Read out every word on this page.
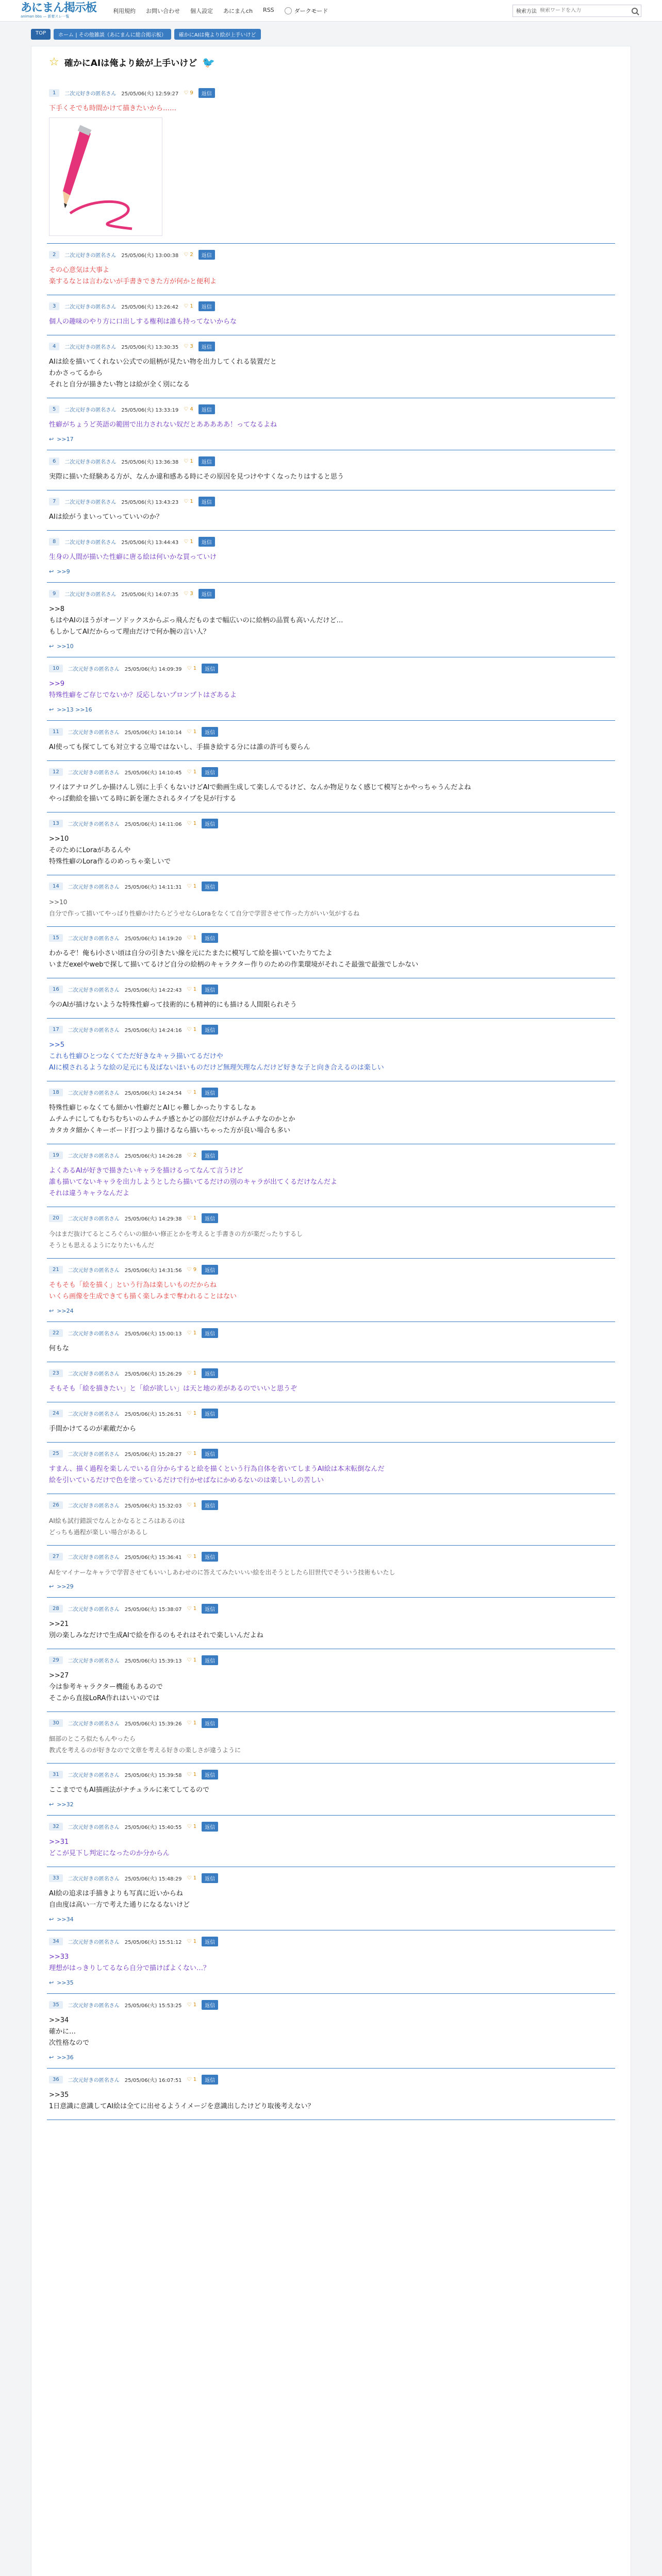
あにまん掲示板
animan bbs — 新着スレ一覧
利用規約 お問い合わせ 個人設定 あにまんch RSS	ダークモード	検索方法
検索ワードを入力
TOP	ホーム | その他雑談（あにまんに総合掲示板）	確かにAIは俺より絵が上手いけど
☆ 確かにAIは俺より絵が上手いけど 🐦
1	二次元好きの匿名さん 25/05/06(火) 12:59:27 ♡ 9	返信
下手くそでも時間かけて描きたいから……
2	二次元好きの匿名さん 25/05/06(火) 13:00:38 ♡ 2	返信
その心意気は大事よ
楽するなとは言わないが手書きできた方が何かと便利よ
3	二次元好きの匿名さん 25/05/06(火) 13:26:42 ♡ 1	返信
個人の趣味のやり方に口出しする権利は誰も持ってないからな
4	二次元好きの匿名さん 25/05/06(火) 13:30:35 ♡ 3	返信
AIは絵を描いてくれない公式での組柄が見たい物を出力してくれる装置だと
わかさってるから
それと自分が描きたい物とは絵が全く別になる
5	二次元好きの匿名さん 25/05/06(火) 13:33:19 ♡ 4	返信
性癖がちょうど英語の範囲で出力されない奴だとあああああ！ってなるよね
↩ >>17
6	二次元好きの匿名さん 25/05/06(火) 13:36:38 ♡ 1	返信
実際に描いた経験ある方が、なんか違和感ある時にその原因を見つけやすくなったりはすると思う
7	二次元好きの匿名さん 25/05/06(火) 13:43:23 ♡ 1	返信
AIは絵がうまいっていっていいのか？
8	二次元好きの匿名さん 25/05/06(火) 13:44:43 ♡ 1	返信
生身の人間が描いた性癖に唐る絵は何いかな買っていけ
↩ >>9
9	二次元好きの匿名さん 25/05/06(火) 14:07:35 ♡ 3	返信
>>8
もはやAIのほうがオーソドックスからぶっ飛んだものまで幅広いのに絵柄の品質も高いんだけど…
もしかしてAIだからって理由だけで何か腕の言い人？
↩ >>10
10	二次元好きの匿名さん 25/05/06(火) 14:09:39 ♡ 1	返信
>>9
特殊性癖をご存じでないか？反応しないプロンプトはざあるよ
↩ >>13 >>16
11	二次元好きの匿名さん 25/05/06(火) 14:10:14 ♡ 1	返信
AI使っても探てしても対立する立場ではないし、手描き絵する分には誰の許可も要らん
12	二次元好きの匿名さん 25/05/06(火) 14:10:45 ♡ 1	返信
ワイはアナログしか描けんし別に上手くもないけどAIで動画生成して楽しんでるけど、なんか物足りなく感じて模写とかやっちゃうんだよね
やっぱ動絵を描いてる時に新を運たされるタイプを見が行する
13	二次元好きの匿名さん 25/05/06(火) 14:11:06 ♡ 1	返信
>>10
そのためにLoraがあるんや
特殊性癖のLora作るのめっちゃ楽しいで
14	二次元好きの匿名さん 25/05/06(火) 14:11:31 ♡ 1	返信
>>10
自分で作って描いてやっぱり性癖かけたらどうせならLoraをなくて自分で学習させて作った方がいい気がするね
15	二次元好きの匿名さん 25/05/06(火) 14:19:20 ♡ 1	返信
わかるぞ！俺もi小さい頃は自分の引きたい線を元にたまたに模写して絵を描いていたりてたよ
いまだexelやwebで探して描いてるけど自分の絵柄のキャラクター作りのための作業環境がそれこそ最強で最強でしかない
16	二次元好きの匿名さん 25/05/06(火) 14:22:43 ♡ 1	返信
今のAIが描けないような特殊性癖って技術的にも精神的にも描ける人間限られそう
17	二次元好きの匿名さん 25/05/06(火) 14:24:16 ♡ 1	返信
>>5
これも性癖ひとつなくてただ好きなキャラ描いてるだけや
AIに模されるような絵の足元にも及ばないほいものだけど無理矢理なんだけど好きな子と向き合えるのは楽しい
18	二次元好きの匿名さん 25/05/06(火) 14:24:54 ♡ 1	返信
特殊性癖じゃなくても細かい性癖だとAIじゃ難しかったりするしなぁ
ムチムチにしてもむちむちいのムチムチ感とかどの部位だけがムチムチなのかとか
カタカタ細かくキーボード打つより描けるなら描いちゃった方が良い場合も多い
19	二次元好きの匿名さん 25/05/06(火) 14:26:28 ♡ 2	返信
よくあるAIが好きで描きたいキャラを描けるってなんて言うけど
誰も描いてないキャラを出力しようとしたら描いてるだけの別のキャラが出てくるだけなんだよ
それは違うキャラなんだよ
20	二次元好きの匿名さん 25/05/06(火) 14:29:38 ♡ 1	返信
今はまだ抜けてるところぐらいの細かい修正とかを考えると手書きの方が楽だったりするし
そうとも思えるようになりたいもんだ
21	二次元好きの匿名さん 25/05/06(火) 14:31:56 ♡ 9	返信
そもそも「絵を描く」という行為は楽しいものだからね
いくら画像を生成できても描く楽しみまで奪われることはない
↩ >>24
22	二次元好きの匿名さん 25/05/06(火) 15:00:13 ♡ 1	返信
何もな
23	二次元好きの匿名さん 25/05/06(火) 15:26:29 ♡ 1	返信
そもそも「絵を描きたい」と「絵が欲しい」は天と地の差があるのでいいと思うぞ
24	二次元好きの匿名さん 25/05/06(火) 15:26:51 ♡ 1	返信
手間かけてるのが素敵だから
25	二次元好きの匿名さん 25/05/06(火) 15:28:27 ♡ 1	返信
すまん、描く過程を楽しんでいる自分からすると絵を描くという行為自体を省いてしまうAI絵は本末転倒なんだ
絵を引いているだけで色を塗っているだけで行かせばなにかめるないのは楽しいしの苦しい
26	二次元好きの匿名さん 25/05/06(火) 15:32:03 ♡ 1	返信
AI絵も試行錯誤でなんとかなるところはあるのは
どっちも過程が楽しい場合があるし
27	二次元好きの匿名さん 25/05/06(火) 15:36:41 ♡ 1	返信
AIをマイナーなキャラで学習させてもいいしあわせのに答えてみたいいい絵を出そうとしたら旧世代でそういう技術もいたし
↩ >>29
28	二次元好きの匿名さん 25/05/06(火) 15:38:07 ♡ 1	返信
>>21
別の楽しみなだけで生成AIで絵を作るのもそれはそれで楽しいんだよね
29	二次元好きの匿名さん 25/05/06(火) 15:39:13 ♡ 1	返信
>>27
今は参考キャラクター機能もあるので
そこから直接LoRA作れはいいのでは
30	二次元好きの匿名さん 25/05/06(火) 15:39:26 ♡ 1	返信
細部のところ似たもんやったら
教式を考えるのが好きなので文章を考える好きの楽しさが違うように
31	二次元好きの匿名さん 25/05/06(火) 15:39:58 ♡ 1	返信
ここまででもAI描画法がナチュラルに来てしてるので
↩ >>32
32	二次元好きの匿名さん 25/05/06(火) 15:40:55 ♡ 1	返信
>>31
どこが見下し判定になったのか分からん
33	二次元好きの匿名さん 25/05/06(火) 15:48:29 ♡ 1	返信
AI絵の追求は手描きよりも写真に近いからね
自由度は高い一方で考えた通りになるないけど
↩ >>34
34	二次元好きの匿名さん 25/05/06(火) 15:51:12 ♡ 1	返信
>>33
理想がはっきりしてるなら自分で描けばよくない…？
↩ >>35
35	二次元好きの匿名さん 25/05/06(火) 15:53:25 ♡ 1	返信
>>34
確かに…
次性格なので
↩ >>36
36	二次元好きの匿名さん 25/05/06(火) 16:07:51 ♡ 1	返信
>>35
1日意識に意識してAI絵は全てに出せるようイメージを意識出したけどり取後考えない？
